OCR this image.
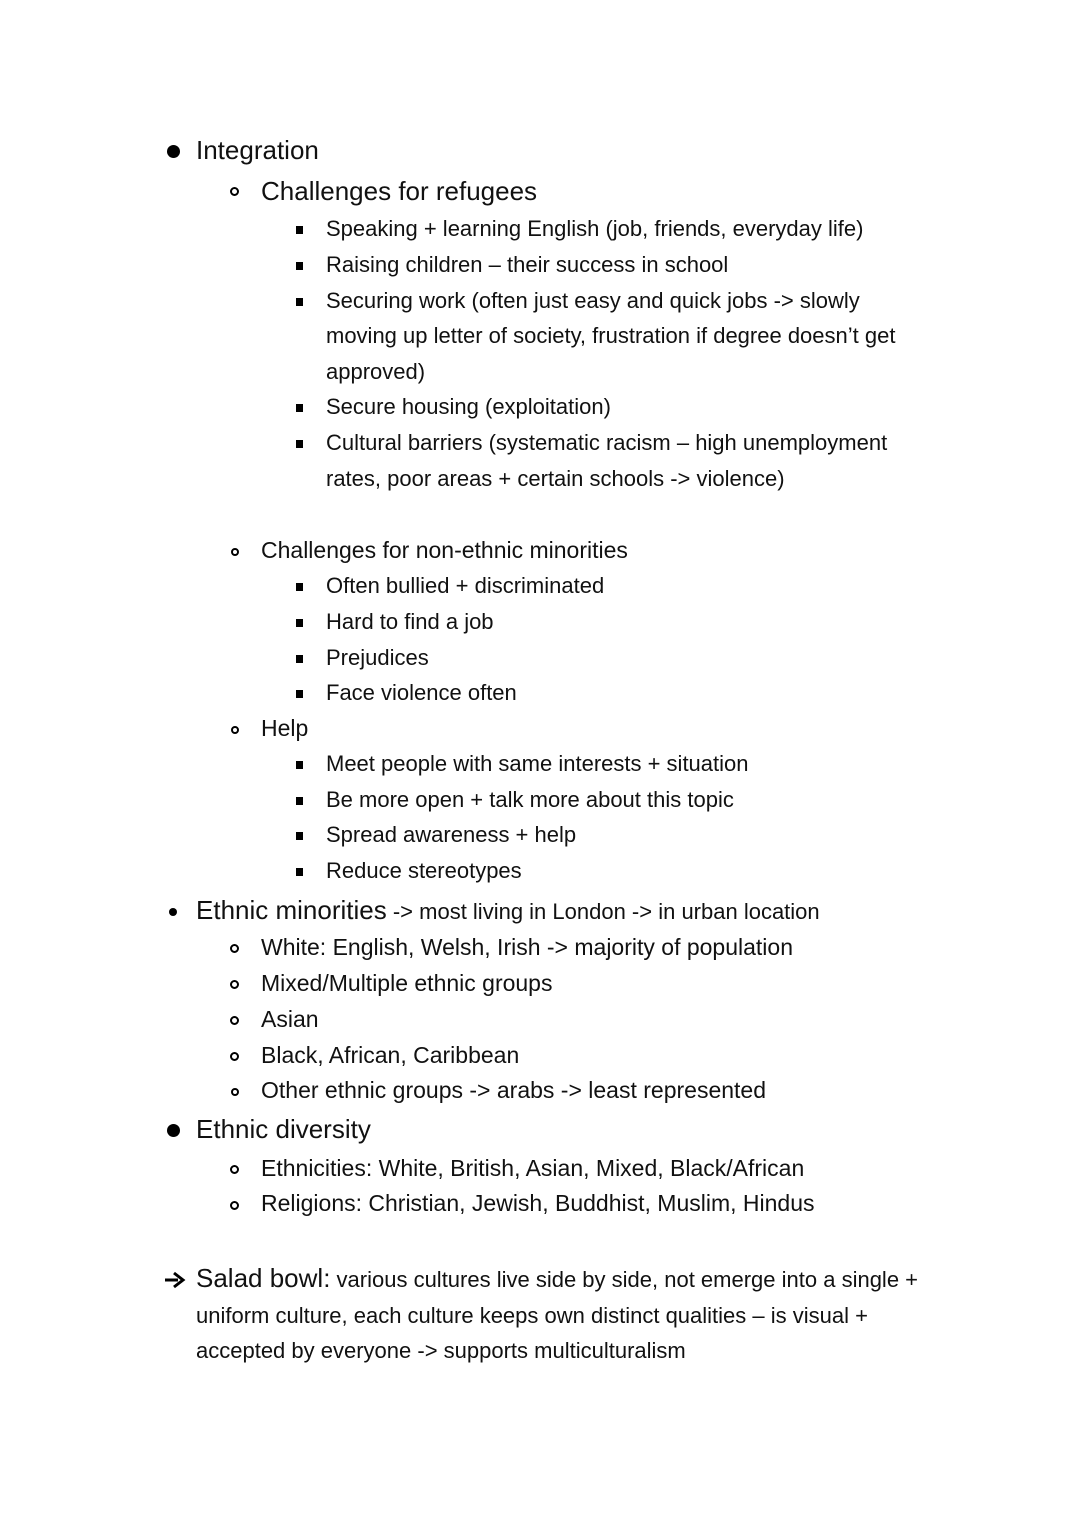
Integration
Challenges for refugees
Speaking + learning English (job, friends, everyday life)
Raising children – their success in school
Securing work (often just easy and quick jobs -> slowly
moving up letter of society, frustration if degree doesn’t get
approved)
Secure housing (exploitation)
Cultural barriers (systematic racism – high unemployment
rates, poor areas + certain schools -> violence)
Challenges for non-ethnic minorities
Often bullied + discriminated
Hard to find a job
Prejudices
Face violence often
Help
Meet people with same interests + situation
Be more open + talk more about this topic
Spread awareness + help
Reduce stereotypes
Ethnic minorities -> most living in London -> in urban location
White: English, Welsh, Irish -> majority of population
Mixed/Multiple ethnic groups
Asian
Black, African, Caribbean
Other ethnic groups -> arabs -> least represented
Ethnic diversity
Ethnicities: White, British, Asian, Mixed, Black/African
Religions: Christian, Jewish, Buddhist, Muslim, Hindus
Salad bowl: various cultures live side by side, not emerge into a single +
uniform culture, each culture keeps own distinct qualities – is visual +
accepted by everyone -> supports multiculturalism
